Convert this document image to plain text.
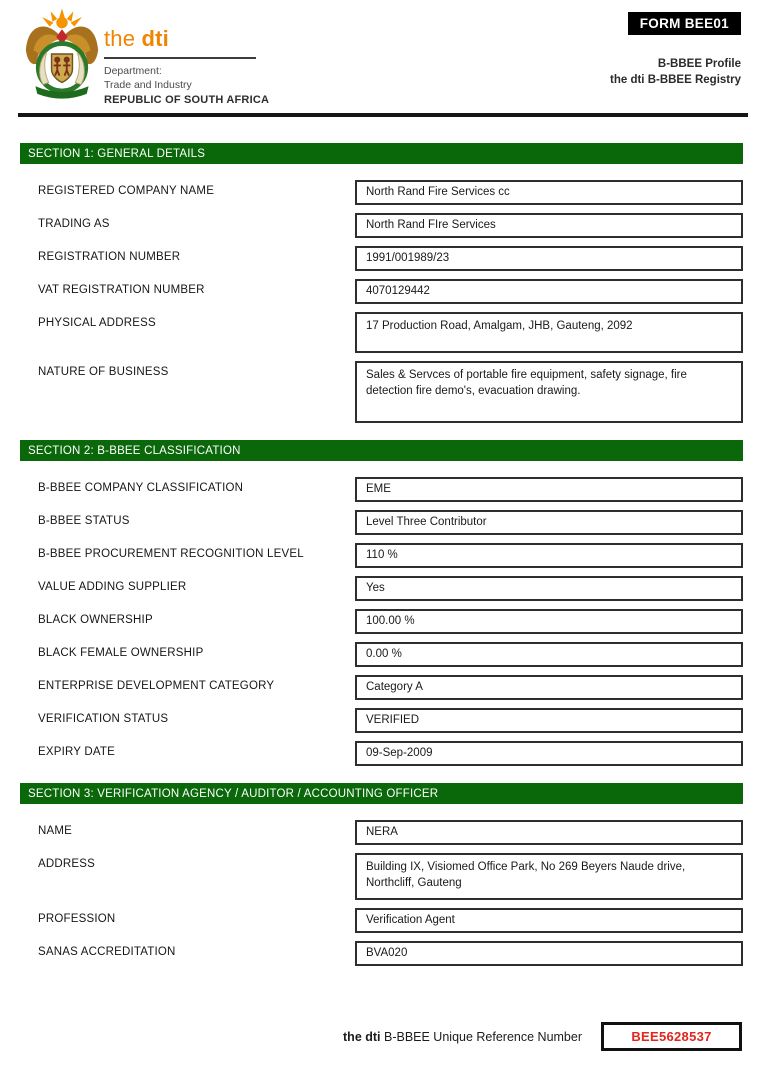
the dti
Department:
Trade and Industry
REPUBLIC OF SOUTH AFRICA
FORM BEE01
B-BBEE Profile
the dti B-BBEE Registry
SECTION 1: GENERAL DETAILS
REGISTERED COMPANY NAME	North Rand Fire Services cc
TRADING AS	North Rand FIre Services
REGISTRATION NUMBER	1991/001989/23
VAT REGISTRATION NUMBER	4070129442
PHYSICAL ADDRESS	17 Production Road, Amalgam, JHB, Gauteng, 2092
NATURE OF BUSINESS	Sales & Servces of portable fire equipment, safety signage, fire detection fire demo's, evacuation drawing.
SECTION 2: B-BBEE CLASSIFICATION
B-BBEE COMPANY CLASSIFICATION	EME
B-BBEE STATUS	Level Three Contributor
B-BBEE PROCUREMENT RECOGNITION LEVEL	110 %
VALUE ADDING SUPPLIER	Yes
BLACK OWNERSHIP	100.00 %
BLACK FEMALE OWNERSHIP	0.00 %
ENTERPRISE DEVELOPMENT CATEGORY	Category A
VERIFICATION STATUS	VERIFIED
EXPIRY DATE	09-Sep-2009
SECTION 3: VERIFICATION AGENCY / AUDITOR / ACCOUNTING OFFICER
NAME	NERA
ADDRESS	Building IX, Visiomed Office Park, No 269 Beyers Naude drive, Northcliff, Gauteng
PROFESSION	Verification Agent
SANAS ACCREDITATION	BVA020
the dti B-BBEE Unique Reference Number	BEE5628537
